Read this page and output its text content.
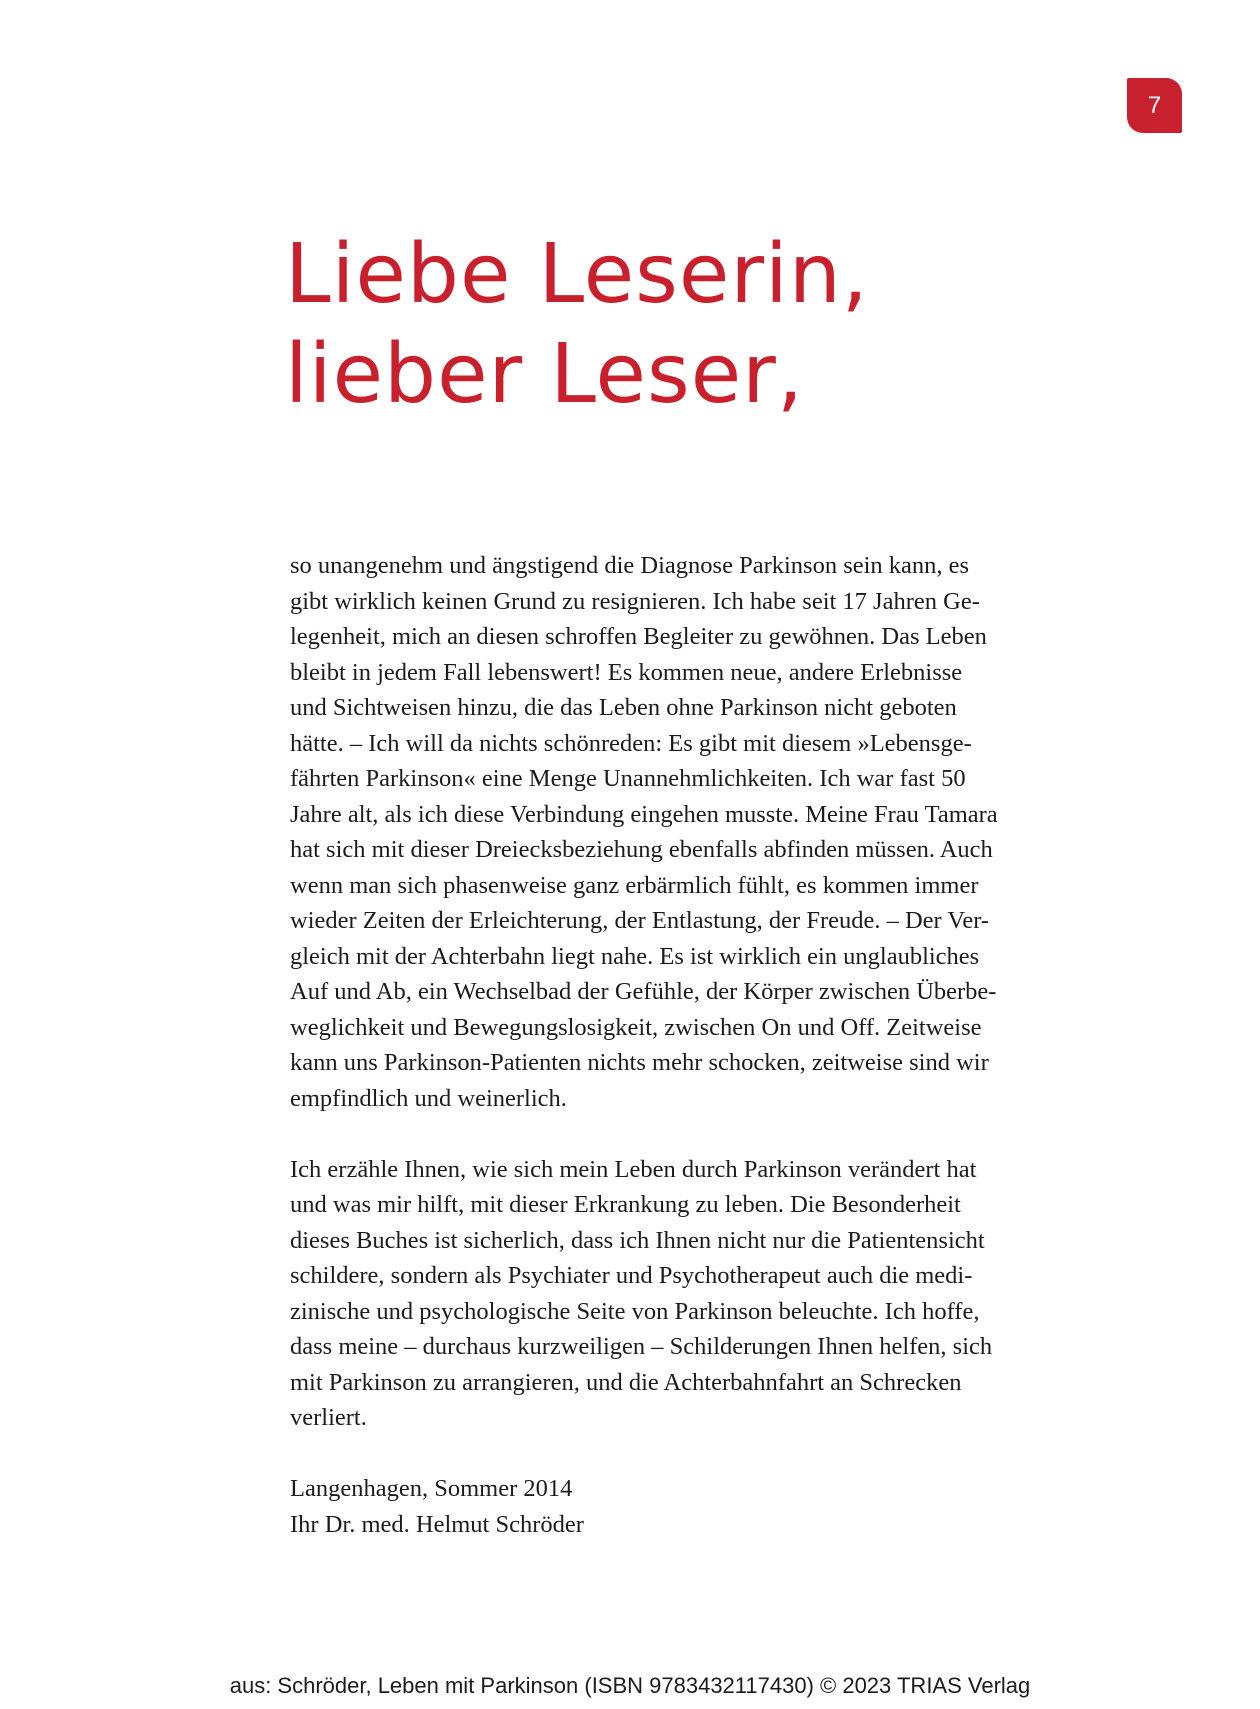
7
Liebe Leserin,
lieber Leser,

so unangenehm und ängstigend die Diagnose Parkinson sein kann, es
gibt wirklich keinen Grund zu resignieren. Ich habe seit 17 Jahren Ge-
legenheit, mich an diesen schroffen Begleiter zu gewöhnen. Das Leben
bleibt in jedem Fall lebenswert! Es kommen neue, andere Erlebnisse
und Sichtweisen hinzu, die das Leben ohne Parkinson nicht geboten
hätte. – Ich will da nichts schönreden: Es gibt mit diesem »Lebensge-
fährten Parkinson« eine Menge Unannehmlichkeiten. Ich war fast 50
Jahre alt, als ich diese Verbindung eingehen musste. Meine Frau Tamara
hat sich mit dieser Dreiecksbeziehung ebenfalls abfinden müssen. Auch
wenn man sich phasenweise ganz erbärmlich fühlt, es kommen immer
wieder Zeiten der Erleichterung, der Entlastung, der Freude. – Der Ver-
gleich mit der Achterbahn liegt nahe. Es ist wirklich ein unglaubliches
Auf und Ab, ein Wechselbad der Gefühle, der Körper zwischen Überbe-
weglichkeit und Bewegungslosigkeit, zwischen On und Off. Zeitweise
kann uns Parkinson-Patienten nichts mehr schocken, zeitweise sind wir
empfindlich und weinerlich.

Ich erzähle Ihnen, wie sich mein Leben durch Parkinson verändert hat
und was mir hilft, mit dieser Erkrankung zu leben. Die Besonderheit
dieses Buches ist sicherlich, dass ich Ihnen nicht nur die Patientensicht
schildere, sondern als Psychiater und Psychotherapeut auch die medi-
zinische und psychologische Seite von Parkinson beleuchte. Ich hoffe,
dass meine – durchaus kurzweiligen – Schilderungen Ihnen helfen, sich
mit Parkinson zu arrangieren, und die Achterbahnfahrt an Schrecken
verliert.

Langenhagen, Sommer 2014
Ihr Dr. med. Helmut Schröder

aus: Schröder, Leben mit Parkinson (ISBN 9783432117430) © 2023 TRIAS Verlag
